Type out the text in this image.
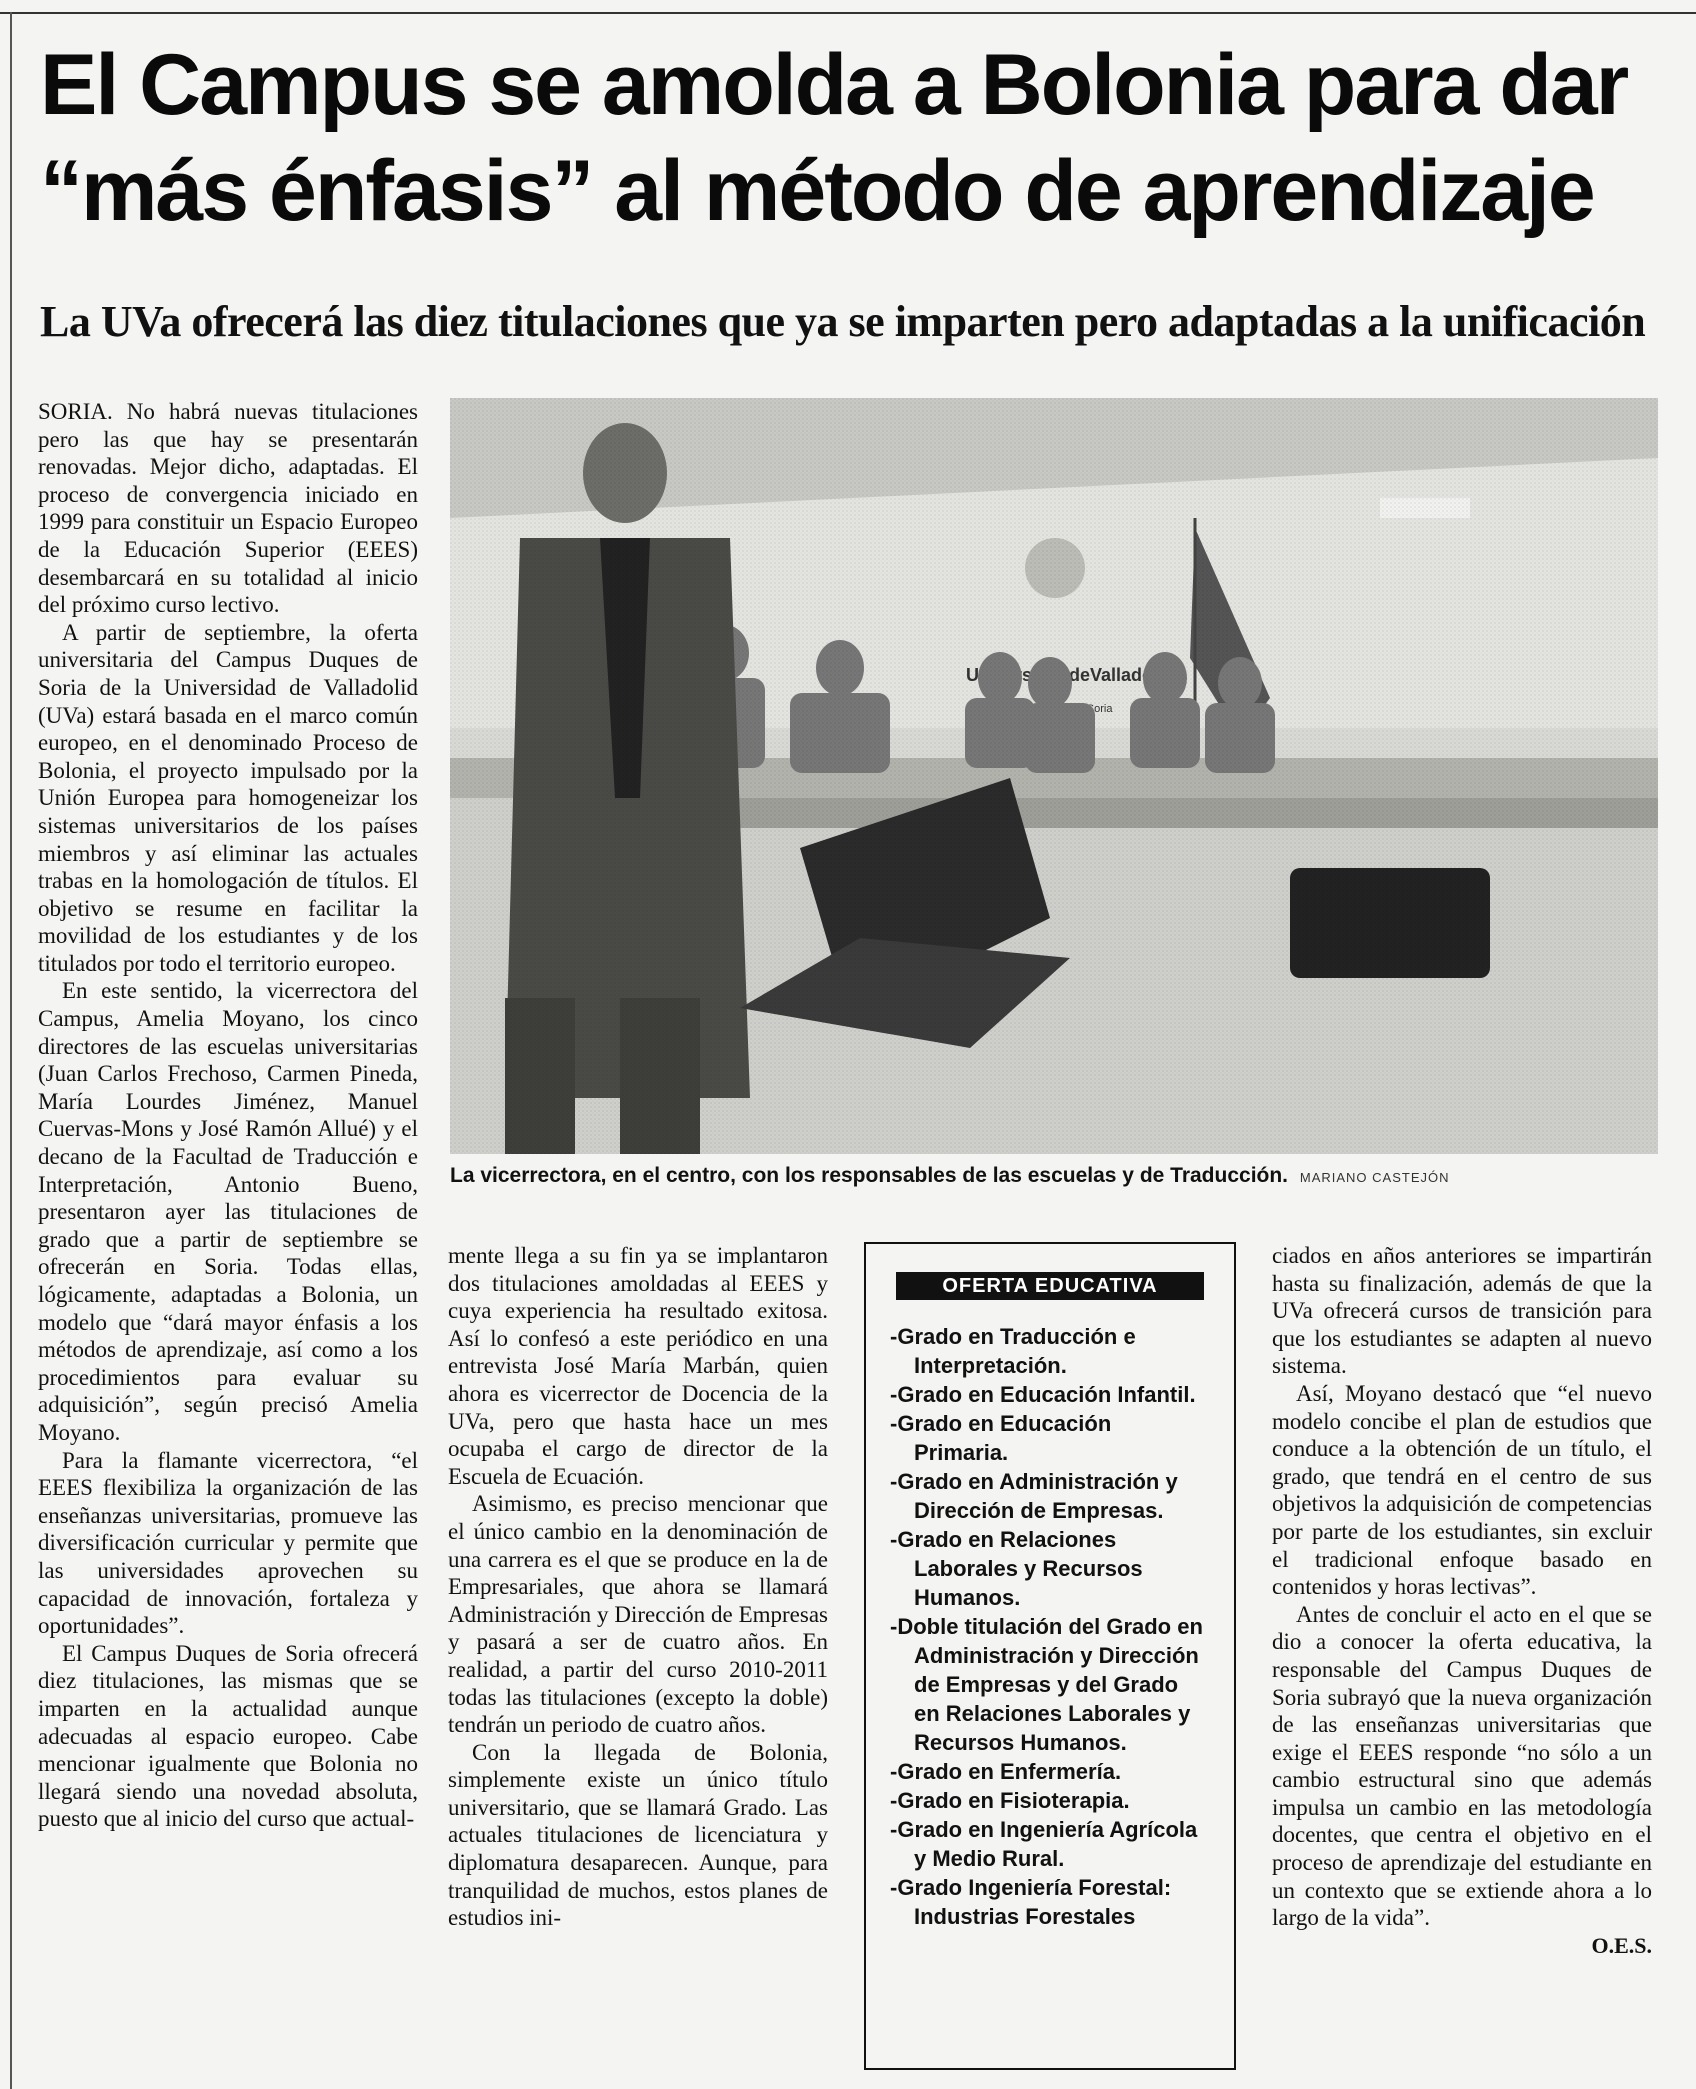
El Campus se amolda a Bolonia para dar “más énfasis” al método de aprendizaje
La UVa ofrecerá las diez titulaciones que ya se imparten pero adaptadas a la unificación

SORIA. No habrá nuevas titulaciones pero las que hay se presentarán renovadas. Mejor dicho, adaptadas. El proceso de convergencia iniciado en 1999 para constituir un Espacio Europeo de la Educación Superior (EEES) desembarcará en su totalidad al inicio del próximo curso lectivo.

A partir de septiembre, la oferta universitaria del Campus Duques de Soria de la Universidad de Valladolid (UVa) estará basada en el marco común europeo, en el denominado Proceso de Bolonia, el proyecto impulsado por la Unión Europea para homogeneizar los sistemas universitarios de los países miembros y así eliminar las actuales trabas en la homologación de títulos. El objetivo se resume en facilitar la movilidad de los estudiantes y de los titulados por todo el territorio europeo.

En este sentido, la vicerrectora del Campus, Amelia Moyano, los cinco directores de las escuelas universitarias (Juan Carlos Frechoso, Carmen Pineda, María Lourdes Jiménez, Manuel Cuervas-Mons y José Ramón Allué) y el decano de la Facultad de Traducción e Interpretación, Antonio Bueno, presentaron ayer las titulaciones de grado que a partir de septiembre se ofrecerán en Soria. Todas ellas, lógicamente, adaptadas a Bolonia, un modelo que “dará mayor énfasis a los métodos de aprendizaje, así como a los procedimientos para evaluar su adquisición”, según precisó Amelia Moyano.

Para la flamante vicerrectora, “el EEES flexibiliza la organización de las enseñanzas universitarias, promueve las diversificación curricular y permite que las universidades aprovechen su capacidad de innovación, fortaleza y oportunidades”.

El Campus Duques de Soria ofrecerá diez titulaciones, las mismas que se imparten en la actualidad aunque adecuadas al espacio europeo. Cabe mencionar igualmente que Bolonia no llegará siendo una novedad absoluta, puesto que al inicio del curso que actual-

La vicerrectora, en el centro, con los responsables de las escuelas y de Traducción. MARIANO CASTEJÓN

mente llega a su fin ya se implantaron dos titulaciones amoldadas al EEES y cuya experiencia ha resultado exitosa. Así lo confesó a este periódico en una entrevista José María Marbán, quien ahora es vicerrector de Docencia de la UVa, pero que hasta hace un mes ocupaba el cargo de director de la Escuela de Ecuación.

Asimismo, es preciso mencionar que el único cambio en la denominación de una carrera es el que se produce en la de Empresariales, que ahora se llamará Administración y Dirección de Empresas y pasará a ser de cuatro años. En realidad, a partir del curso 2010-2011 todas las titulaciones (excepto la doble) tendrán un periodo de cuatro años.

Con la llegada de Bolonia, simplemente existe un único título universitario, que se llamará Grado. Las actuales titulaciones de licenciatura y diplomatura desaparecen. Aunque, para tranquilidad de muchos, estos planes de estudios ini-

OFERTA EDUCATIVA
-Grado en Traducción e Interpretación.
-Grado en Educación Infantil.
-Grado en Educación Primaria.
-Grado en Administración y Dirección de Empresas.
-Grado en Relaciones Laborales y Recursos Humanos.
-Doble titulación del Grado en Administración y Dirección de Empresas y del Grado en Relaciones Laborales y Recursos Humanos.
-Grado en Enfermería.
-Grado en Fisioterapia.
-Grado en Ingeniería Agrícola y Medio Rural.
-Grado Ingeniería Forestal: Industrias Forestales

ciados en años anteriores se impartirán hasta su finalización, además de que la UVa ofrecerá cursos de transición para que los estudiantes se adapten al nuevo sistema.

Así, Moyano destacó que “el nuevo modelo concibe el plan de estudios que conduce a la obtención de un título, el grado, que tendrá en el centro de sus objetivos la adquisición de competencias por parte de los estudiantes, sin excluir el tradicional enfoque basado en contenidos y horas lectivas”.

Antes de concluir el acto en el que se dio a conocer la oferta educativa, la responsable del Campus Duques de Soria subrayó que la nueva organización de las enseñanzas universitarias que exige el EEES responde “no sólo a un cambio estructural sino que además impulsa un cambio en las metodología docentes, que centra el objetivo en el proceso de aprendizaje del estudiante en un contexto que se extiende ahora a lo largo de la vida”.

O.E.S.
